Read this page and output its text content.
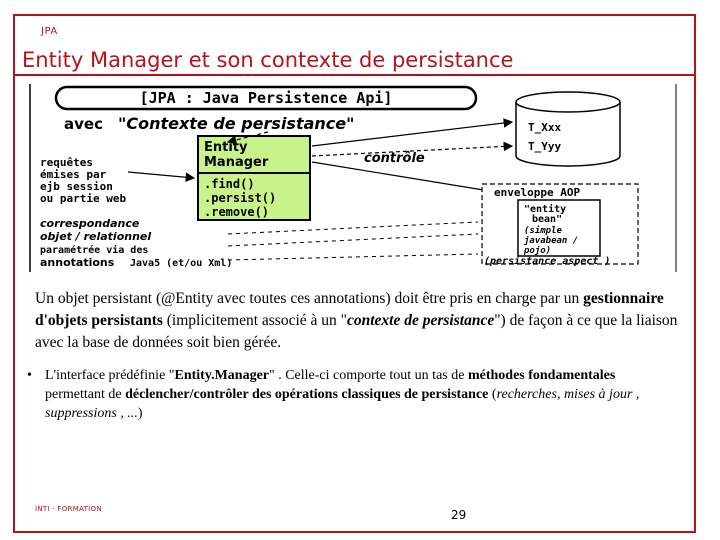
JPA
Entity Manager et son contexte de persistance
[JPA : Java Persistence Api]
avec "Contexte de persistance"
Entity
Manager
.find()
.persist()
.remove()
T_Xxx
T_Yyy
contrôle
requêtes
émises par
ejb session
ou partie web	enveloppe AOP
"entity
bean"
(simple
javabean /
pojo)
(persistance aspect )
correspondance
objet / relationnel
paramétrée via des
annotations Java5 (et/ou Xml)
Un objet persistant (@Entity avec toutes ces annotations) doit être pris en charge par un gestionnaire d'objets persistants (implicitement associé à un "contexte de persistance") de façon à ce que la liaison avec la base de données soit bien gérée.
• L'interface prédéfinie "Entity.Manager" . Celle-ci comporte tout un tas de méthodes fondamentales permettant de déclencher/contrôler des opérations classiques de persistance (recherches, mises à jour , suppressions , ...)
INTI · FORMATION	29
